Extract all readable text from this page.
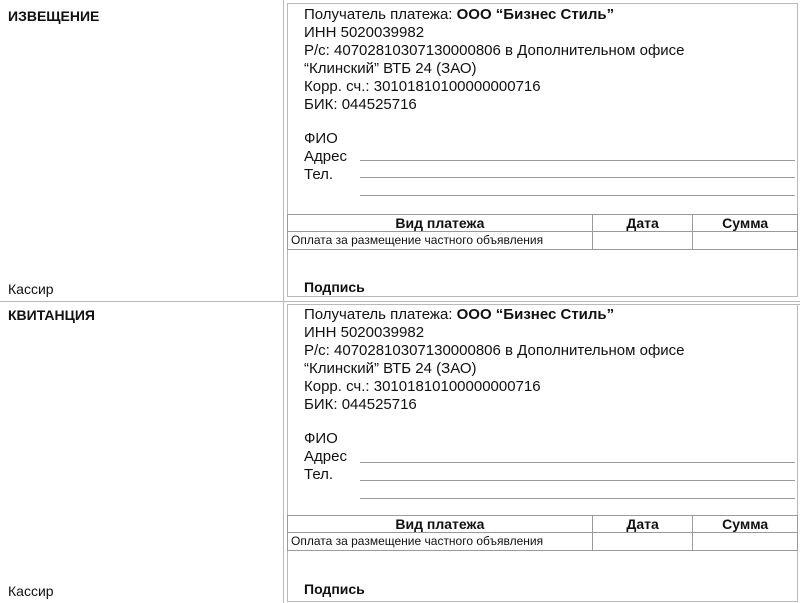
ИЗВЕЩЕНИЕ
Кассир
Получатель платежа: ООО “Бизнес Стиль”
ИНН 5020039982
Р/с: 40702810307130000806 в Дополнительном офисе
“Клинский” ВТБ 24 (ЗАО)
Корр. сч.: 30101810100000000716
БИК: 044525716
ФИО
Адрес
Тел.
Вид платежа	Дата	Сумма
Оплата за размещение частного объявления		
Подпись
КВИТАНЦИЯ
Кассир
Получатель платежа: ООО “Бизнес Стиль”
ИНН 5020039982
Р/с: 40702810307130000806 в Дополнительном офисе
“Клинский” ВТБ 24 (ЗАО)
Корр. сч.: 30101810100000000716
БИК: 044525716
ФИО
Адрес
Тел.
Вид платежа	Дата	Сумма
Оплата за размещение частного объявления		
Подпись
